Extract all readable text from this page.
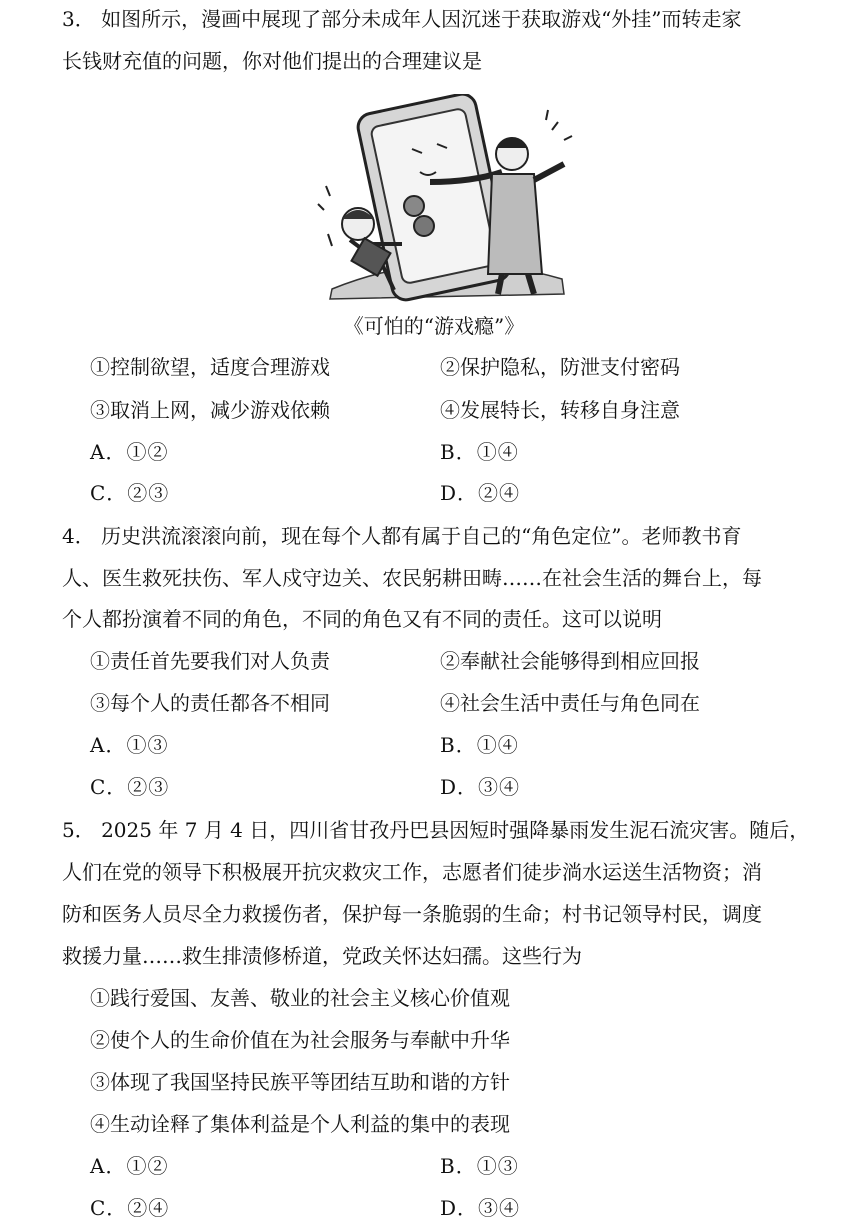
3． 如图所示，漫画中展现了部分未成年人因沉迷于获取游戏“外挂”而转走家
长钱财充值的问题，你对他们提出的合理建议是
《可怕的“游戏瘾”》
①控制欲望，适度合理游戏	②保护隐私，防泄支付密码
③取消上网，减少游戏依赖	④发展特长，转移自身注意
A．①②	B．①④
C．②③	D．②④
4． 历史洪流滚滚向前，现在每个人都有属于自己的“角色定位”。老师教书育
人、医生救死扶伤、军人戍守边关、农民躬耕田畴……在社会生活的舞台上，每
个人都扮演着不同的角色，不同的角色又有不同的责任。这可以说明
①责任首先要我们对人负责	②奉献社会能够得到相应回报
③每个人的责任都各不相同	④社会生活中责任与角色同在
A．①③	B．①④
C．②③	D．③④
5． 2025 年 7 月 4 日，四川省甘孜丹巴县因短时强降暴雨发生泥石流灾害。随后，
人们在党的领导下积极展开抗灾救灾工作，志愿者们徒步淌水运送生活物资；消
防和医务人员尽全力救援伤者，保护每一条脆弱的生命；村书记领导村民，调度
救援力量……救生排渍修桥道，党政关怀达妇孺。这些行为
①践行爱国、友善、敬业的社会主义核心价值观
②使个人的生命价值在为社会服务与奉献中升华
③体现了我国坚持民族平等团结互助和谐的方针
④生动诠释了集体利益是个人利益的集中的表现
A．①②	B．①③
C．②④	D．③④
